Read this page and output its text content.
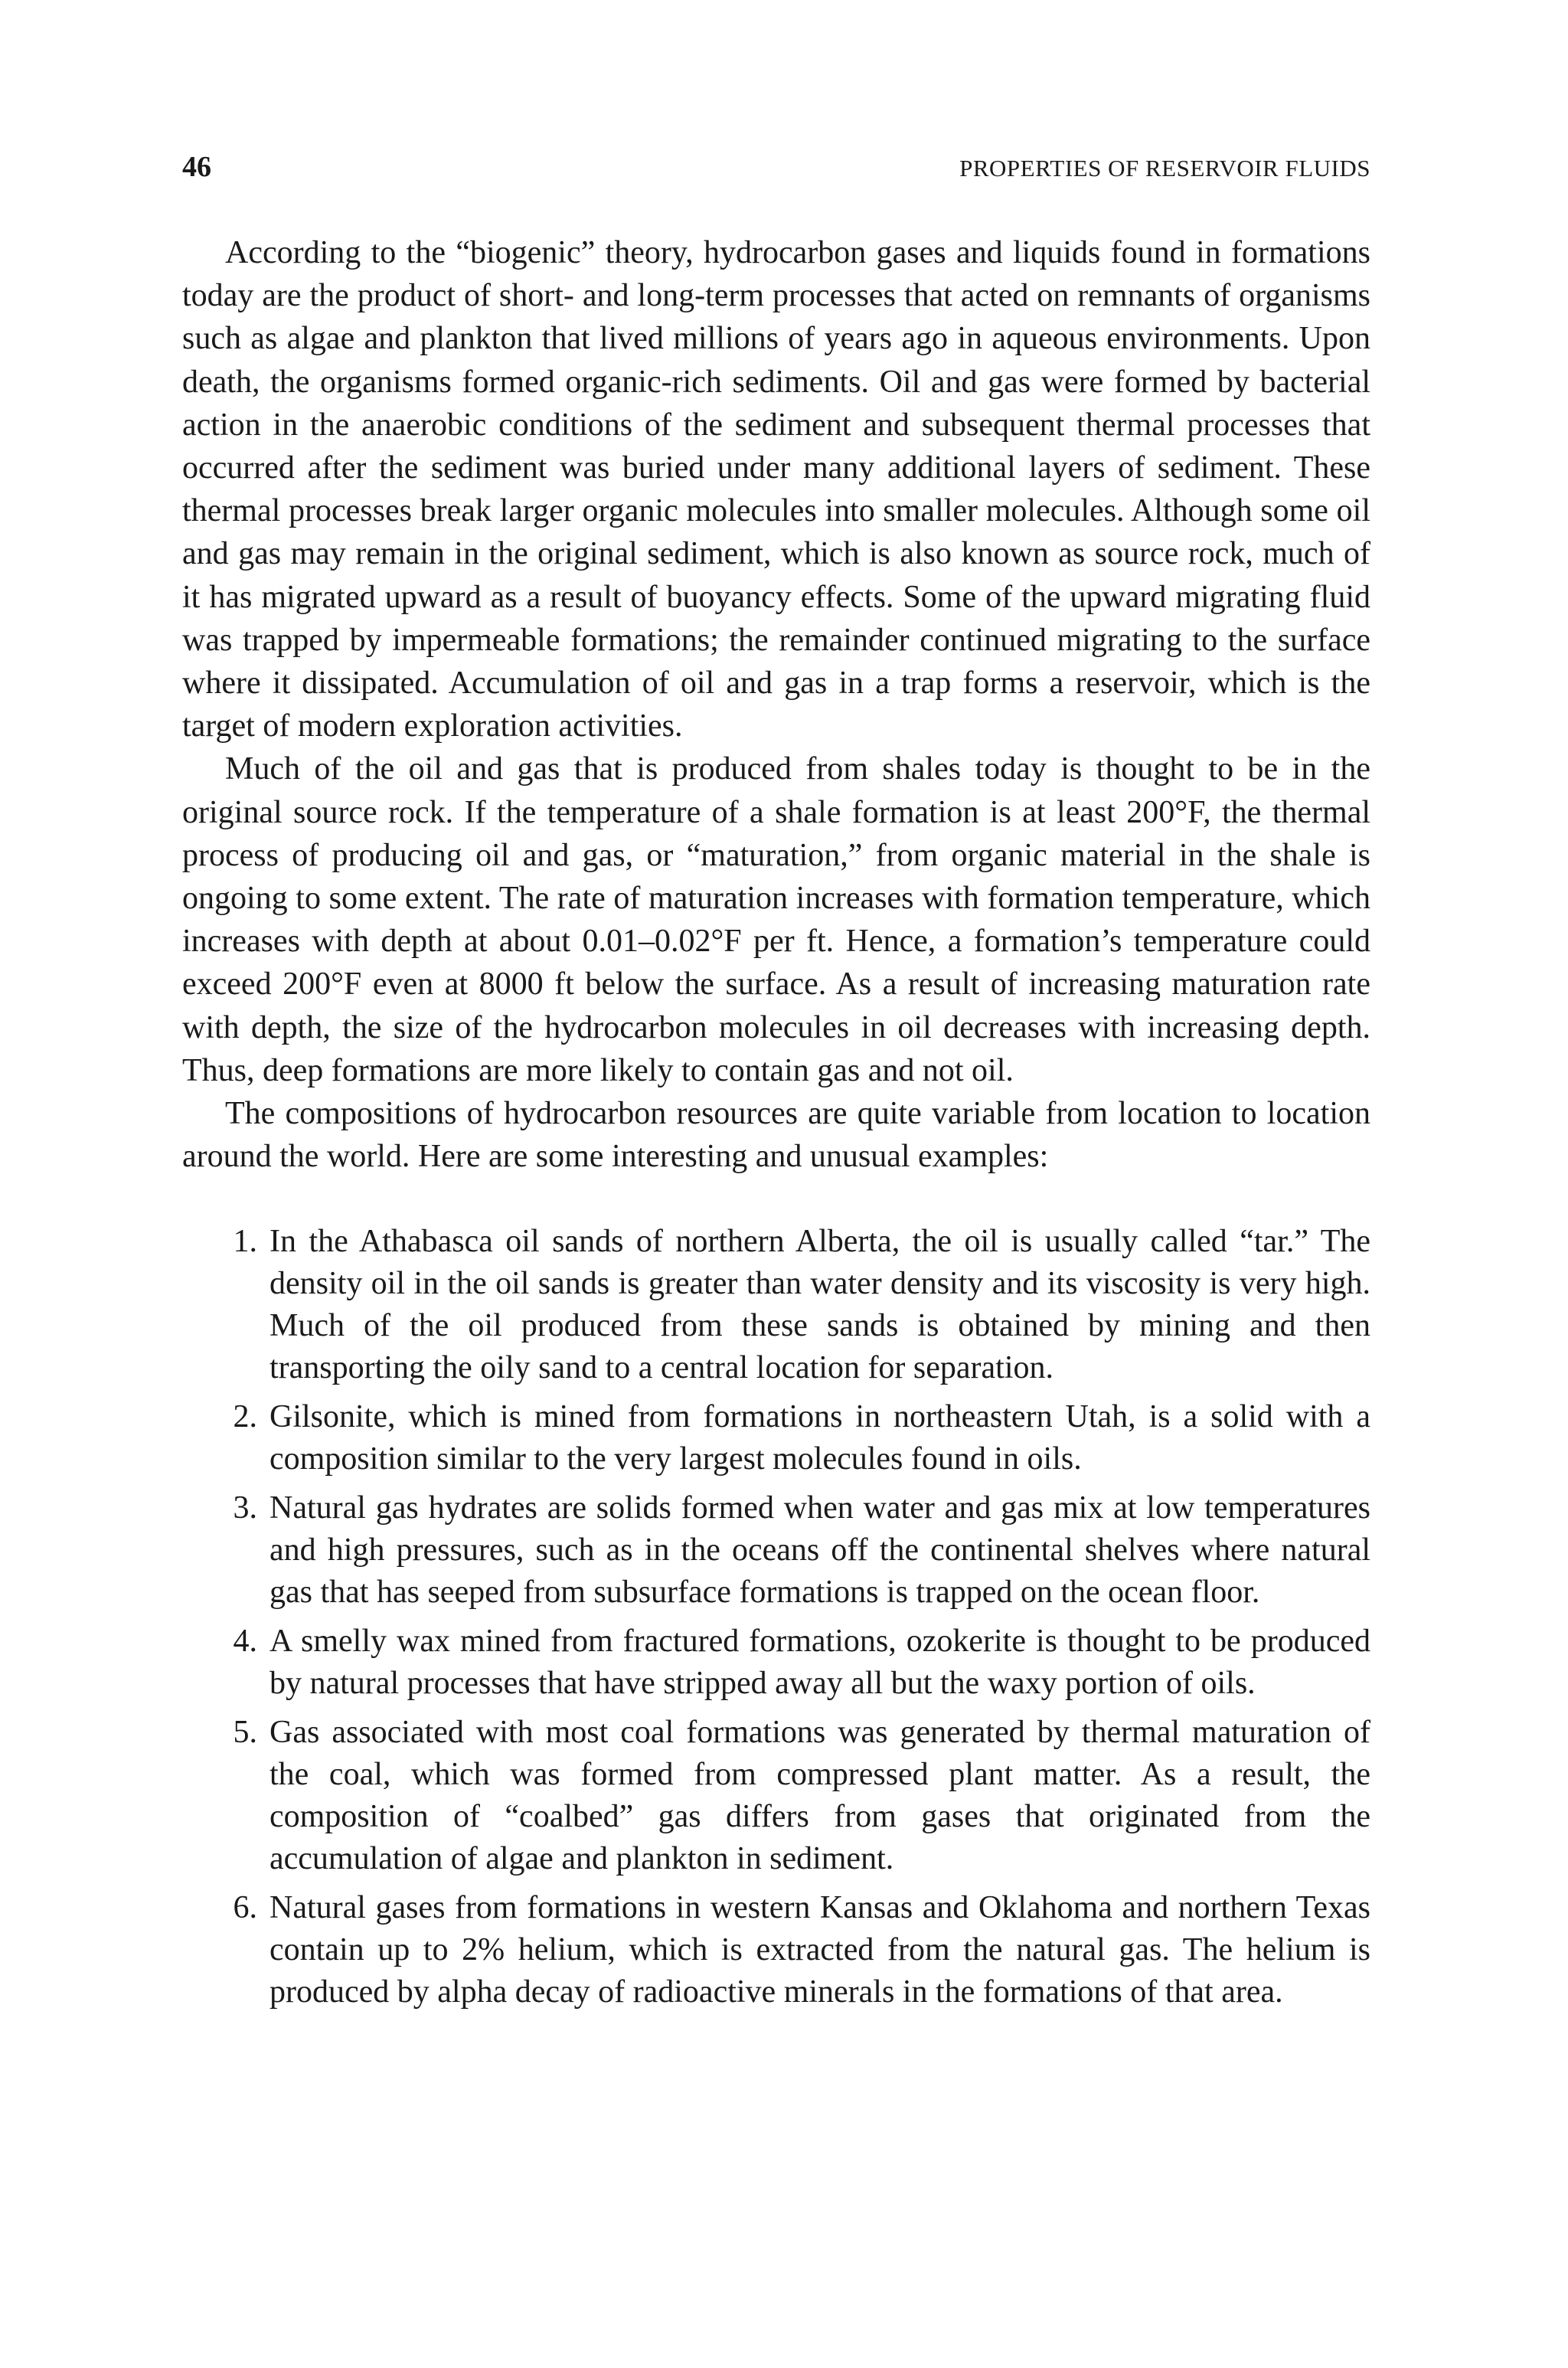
46	PROPERTIES OF RESERVOIR FLUIDS

According to the “biogenic” theory, hydrocarbon gases and liquids found in formations today are the product of short- and long-term processes that acted on remnants of organisms such as algae and plankton that lived millions of years ago in aqueous environments. Upon death, the organisms formed organic-rich sediments. Oil and gas were formed by bacterial action in the anaerobic conditions of the sediment and subsequent thermal processes that occurred after the sediment was buried under many additional layers of sediment. These thermal processes break larger organic molecules into smaller molecules. Although some oil and gas may remain in the original sediment, which is also known as source rock, much of it has migrated upward as a result of buoyancy effects. Some of the upward migrating fluid was trapped by impermeable formations; the remainder continued migrating to the surface where it dissipated. Accumulation of oil and gas in a trap forms a reservoir, which is the target of modern exploration activities.

Much of the oil and gas that is produced from shales today is thought to be in the original source rock. If the temperature of a shale formation is at least 200°F, the thermal process of producing oil and gas, or “maturation,” from organic material in the shale is ongoing to some extent. The rate of maturation increases with formation temperature, which increases with depth at about 0.01–0.02°F per ft. Hence, a formation’s temperature could exceed 200°F even at 8000 ft below the surface. As a result of increasing maturation rate with depth, the size of the hydrocarbon molecules in oil decreases with increasing depth. Thus, deep formations are more likely to contain gas and not oil.

The compositions of hydrocarbon resources are quite variable from location to location around the world. Here are some interesting and unusual examples:

1. In the Athabasca oil sands of northern Alberta, the oil is usually called “tar.” The density oil in the oil sands is greater than water density and its viscosity is very high. Much of the oil produced from these sands is obtained by mining and then transporting the oily sand to a central location for separation.
2. Gilsonite, which is mined from formations in northeastern Utah, is a solid with a composition similar to the very largest molecules found in oils.
3. Natural gas hydrates are solids formed when water and gas mix at low temperatures and high pressures, such as in the oceans off the continental shelves where natural gas that has seeped from subsurface formations is trapped on the ocean floor.
4. A smelly wax mined from fractured formations, ozokerite is thought to be produced by natural processes that have stripped away all but the waxy portion of oils.
5. Gas associated with most coal formations was generated by thermal maturation of the coal, which was formed from compressed plant matter. As a result, the composition of “coalbed” gas differs from gases that originated from the accumulation of algae and plankton in sediment.
6. Natural gases from formations in western Kansas and Oklahoma and northern Texas contain up to 2% helium, which is extracted from the natural gas. The helium is produced by alpha decay of radioactive minerals in the formations of that area.
